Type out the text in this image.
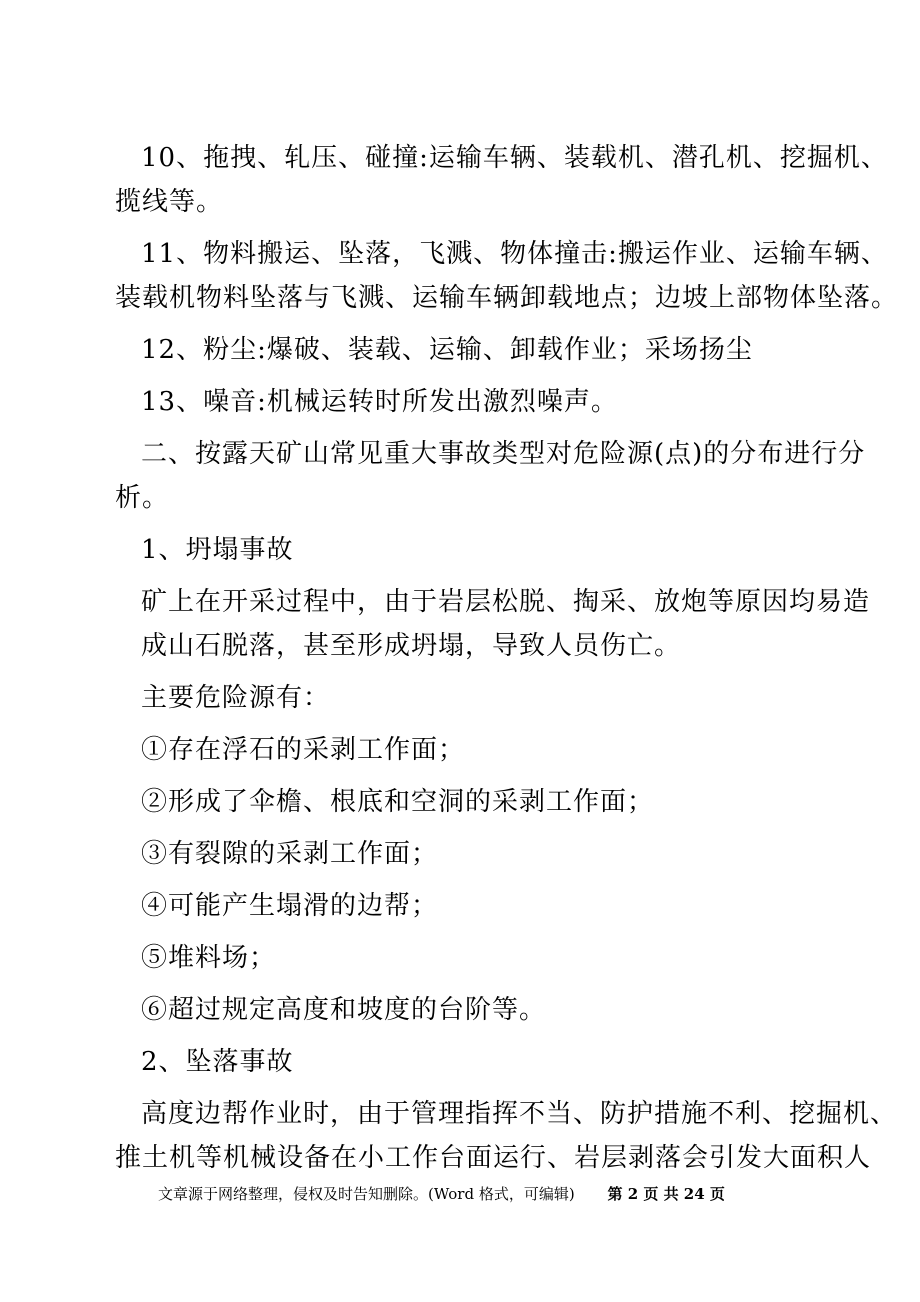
10、拖拽、轧压、碰撞:运输车辆、装载机、潜孔机、挖掘机、

揽线等。

11、物料搬运、坠落，飞溅、物体撞击:搬运作业、运输车辆、

装载机物料坠落与飞溅、运输车辆卸载地点；边坡上部物体坠落。

12、粉尘:爆破、装载、运输、卸载作业；采场扬尘

13、噪音:机械运转时所发出激烈噪声。

二、按露天矿山常见重大事故类型对危险源(点)的分布进行分

析。

1、坍塌事故

矿上在开采过程中，由于岩层松脱、掏采、放炮等原因均易造

成山石脱落，甚至形成坍塌，导致人员伤亡。

主要危险源有：

①存在浮石的采剥工作面；

②形成了伞檐、根底和空洞的采剥工作面；

③有裂隙的采剥工作面；

④可能产生塌滑的边帮；

⑤堆料场；

⑥超过规定高度和坡度的台阶等。

2、坠落事故

高度边帮作业时，由于管理指挥不当、防护措施不利、挖掘机、

推土机等机械设备在小工作台面运行、岩层剥落会引发大面积人

文章源于网络整理，侵权及时告知删除。(Word 格式，可编辑) 第 2 页 共 24 页
